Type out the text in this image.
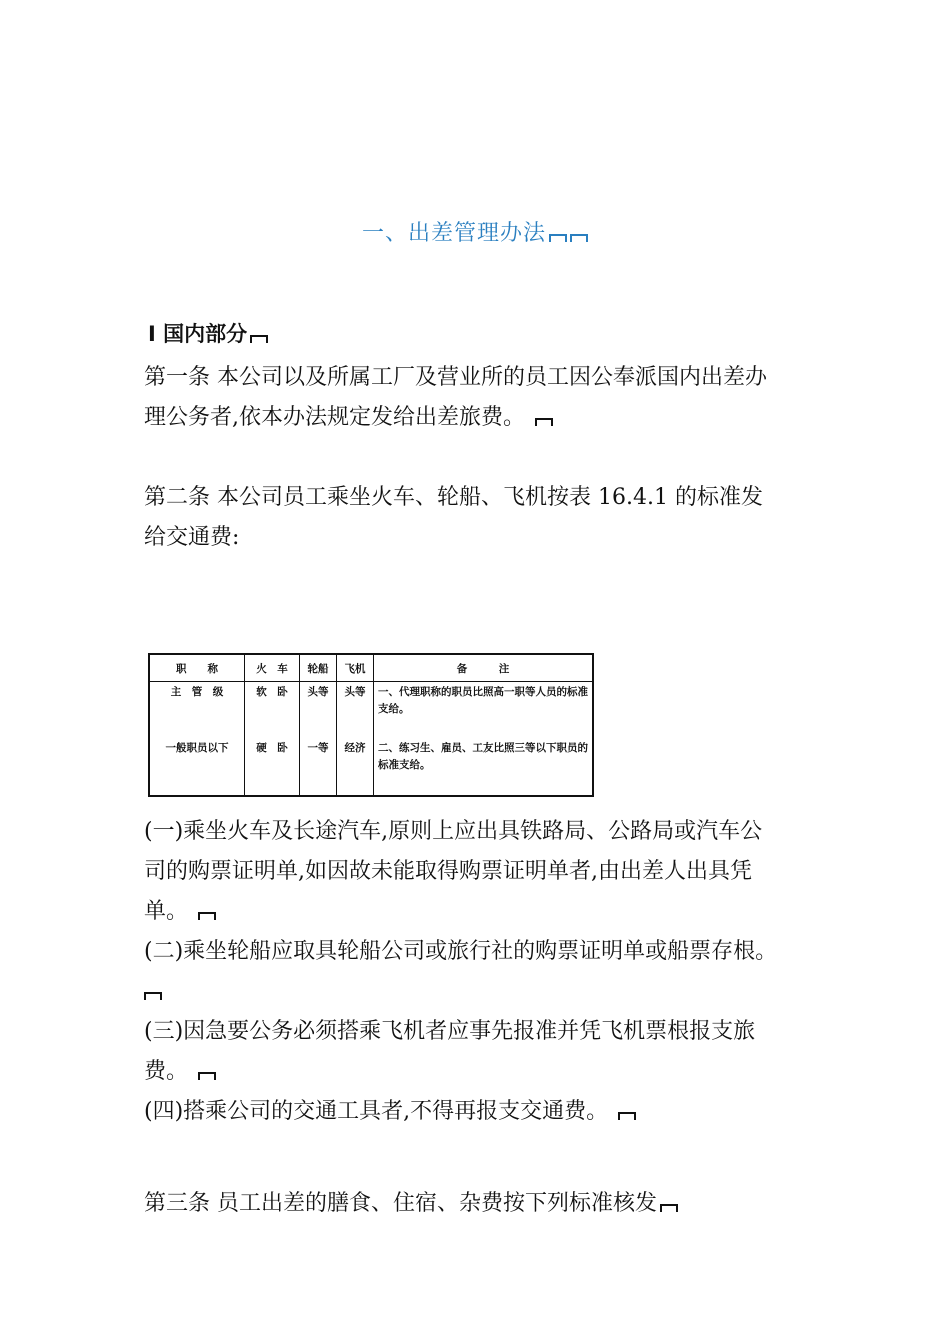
一、出差管理办法
Ⅰ 国内部分
第一条 本公司以及所属工厂及营业所的员工因公奉派国内出差办
理公务者,依本办法规定发给出差旅费。
第二条 本公司员工乘坐火车、轮船、飞机按表 16.4.1 的标准发
给交通费:
职　　称	火　车	轮船	飞机	备　　　注
主　管　级	软　卧	头等	头等	一、代理职称的职员比照高一职等人员的标准支给。
一般职员以下	硬　卧	一等	经济	二、练习生、雇员、工友比照三等以下职员的标准支给。
(一)乘坐火车及长途汽车,原则上应出具铁路局、公路局或汽车公
司的购票证明单,如因故未能取得购票证明单者,由出差人出具凭
单。
(二)乘坐轮船应取具轮船公司或旅行社的购票证明单或船票存根。
(三)因急要公务必须搭乘飞机者应事先报准并凭飞机票根报支旅
费。
(四)搭乘公司的交通工具者,不得再报支交通费。
第三条 员工出差的膳食、住宿、杂费按下列标准核发
